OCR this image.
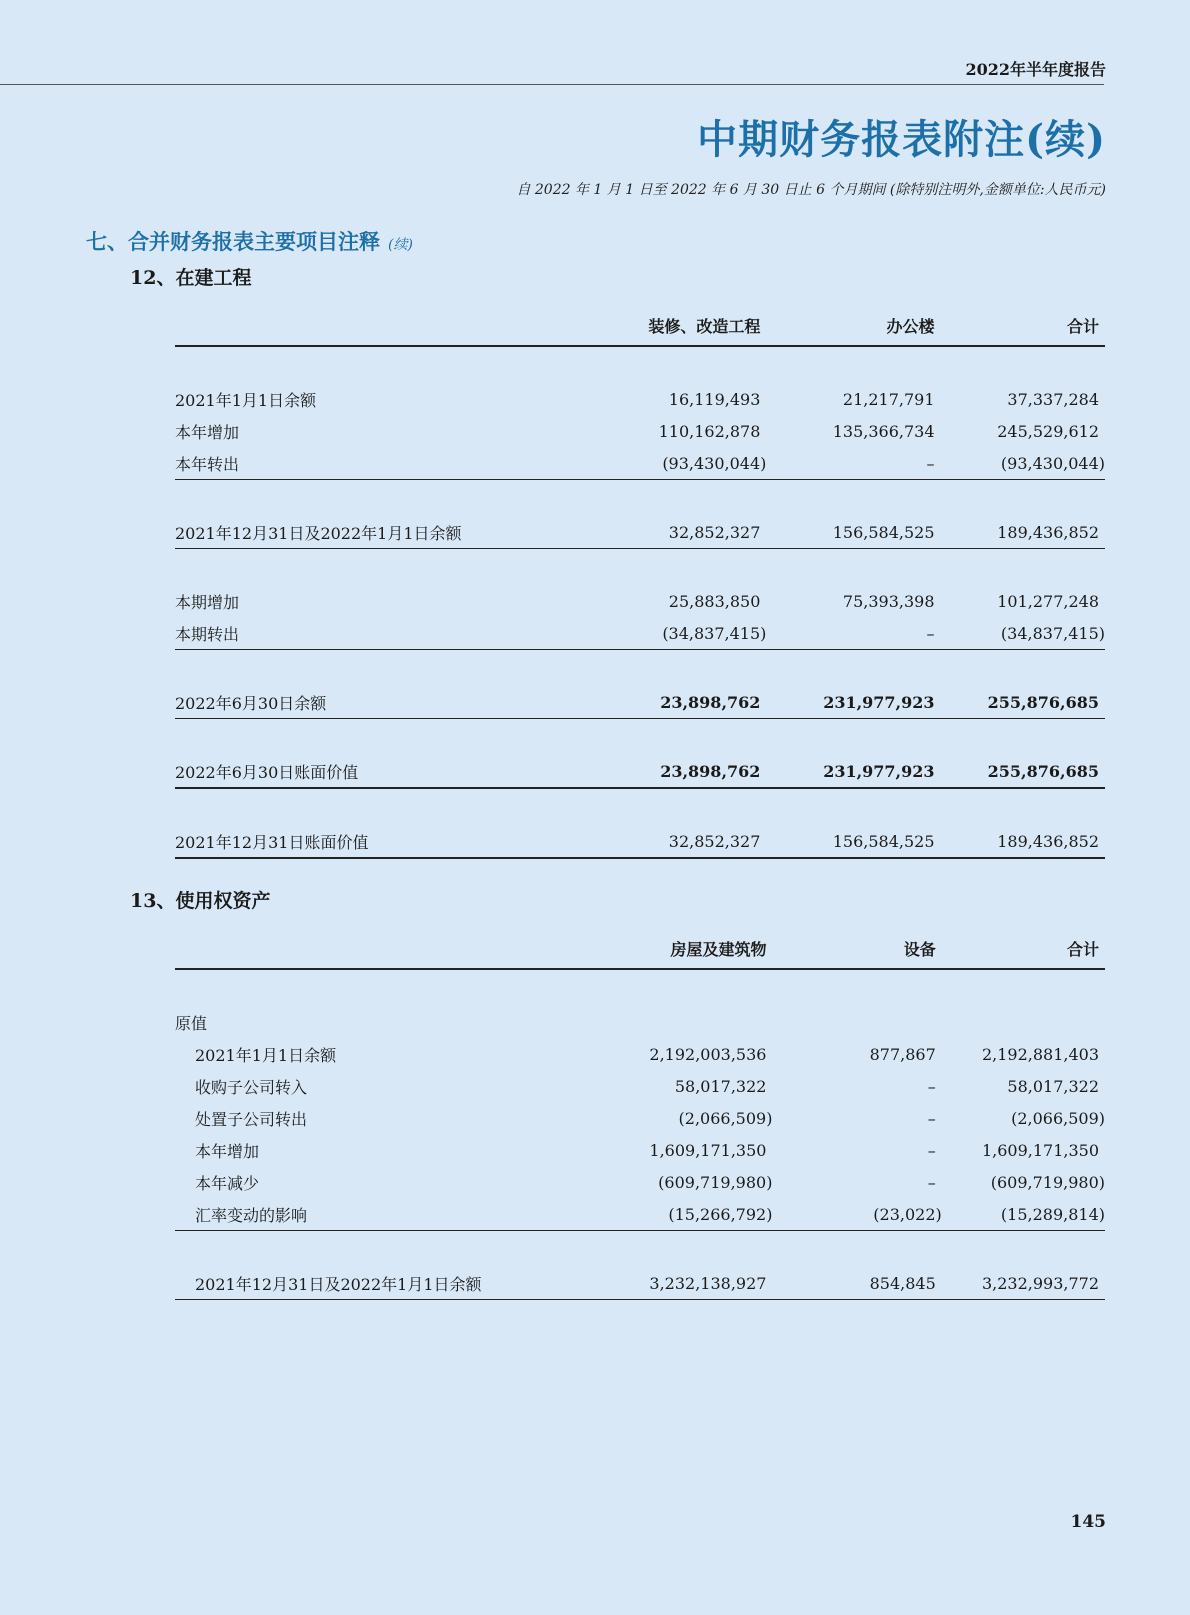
2022年半年度报告
中期财务报表附注(续)
自 2022 年 1 月 1 日至 2022 年 6 月 30 日止 6 个月期间 (除特别注明外,金额单位:人民币元)
七、合并财务报表主要项目注释 (续)
12、在建工程
	装修、改造工程	办公楼	合计

2021年1月1日余额	16,119,493	21,217,791	37,337,284
本年增加	110,162,878	135,366,734	245,529,612
本年转出	(93,430,044)	–	(93,430,044)

2021年12月31日及2022年1月1日余额	32,852,327	156,584,525	189,436,852

本期增加	25,883,850	75,393,398	101,277,248
本期转出	(34,837,415)	–	(34,837,415)

2022年6月30日余额	23,898,762	231,977,923	255,876,685

2022年6月30日账面价值	23,898,762	231,977,923	255,876,685

2021年12月31日账面价值	32,852,327	156,584,525	189,436,852
13、使用权资产
	房屋及建筑物	设备	合计

原值			
2021年1月1日余额	2,192,003,536	877,867	2,192,881,403
收购子公司转入	58,017,322	–	58,017,322
处置子公司转出	(2,066,509)	–	(2,066,509)
本年增加	1,609,171,350	–	1,609,171,350
本年减少	(609,719,980)	–	(609,719,980)
汇率变动的影响	(15,266,792)	(23,022)	(15,289,814)

2021年12月31日及2022年1月1日余额	3,232,138,927	854,845	3,232,993,772
145
